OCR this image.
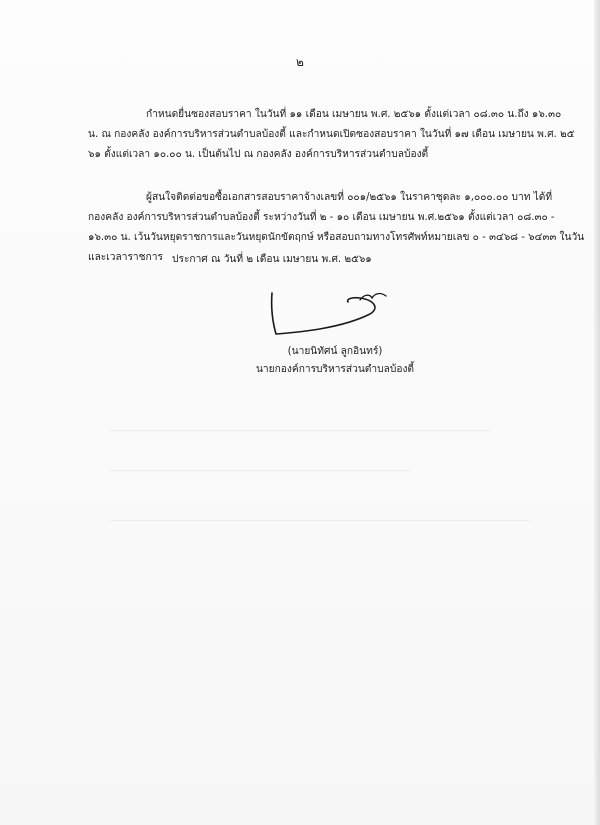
๒
กำหนดยื่นซองสอบราคา ในวันที่ ๑๑ เดือน เมษายน พ.ศ. ๒๕๖๑ ตั้งแต่เวลา ๐๘.๓๐ น.ถึง ๑๖.๓๐
น. ณ กองคลัง องค์การบริหารส่วนตำบลบ้องตี้ และกำหนดเปิดซองสอบราคา ในวันที่ ๑๗ เดือน เมษายน พ.ศ. ๒๕
๖๑ ตั้งแต่เวลา ๑๐.๐๐ น. เป็นต้นไป ณ กองคลัง องค์การบริหารส่วนตำบลบ้องตี้
ผู้สนใจติดต่อขอซื้อเอกสารสอบราคาจ้างเลขที่ ๐๐๑/๒๕๖๑ ในราคาชุดละ ๑,๐๐๐.๐๐ บาท ได้ที่
กองคลัง องค์การบริหารส่วนตำบลบ้องตี้ ระหว่างวันที่ ๒ - ๑๐ เดือน เมษายน พ.ศ.๒๕๖๑ ตั้งแต่เวลา ๐๘.๓๐ -
๑๖.๓๐ น. เว้นวันหยุดราชการและวันหยุดนักขัตฤกษ์ หรือสอบถามทางโทรศัพท์หมายเลข ๐ - ๓๔๖๘ - ๖๔๓๓ ในวัน
และเวลาราชการ ประกาศ ณ วันที่ ๒ เดือน เมษายน พ.ศ. ๒๕๖๑
(นายนิทัศน์ ลูกอินทร์)
นายกองค์การบริหารส่วนตำบลบ้องตี้
